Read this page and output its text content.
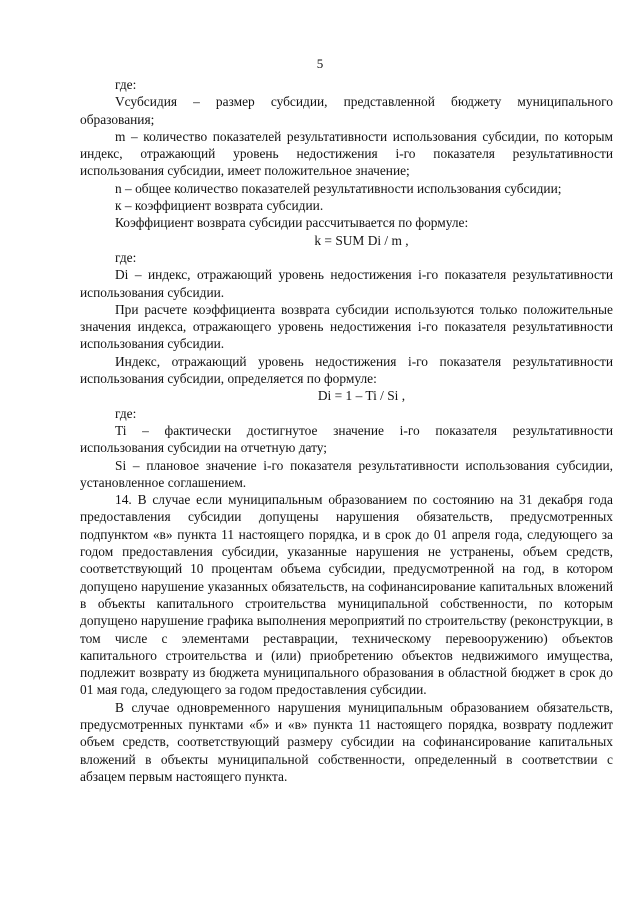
5

где:

Vсубсидия – размер субсидии, представленной бюджету муниципального образования;

m – количество показателей результативности использования субсидии, по которым индекс, отражающий уровень недостижения i-го показателя результативности использования субсидии, имеет положительное значение;

n – общее количество показателей результативности использования субсидии;

к – коэффициент возврата субсидии.

Коэффициент возврата субсидии рассчитывается по формуле:

k = SUM Di / m ,

где:

Di – индекс, отражающий уровень недостижения i-го показателя результативности использования субсидии.

При расчете коэффициента возврата субсидии используются только положительные значения индекса, отражающего уровень недостижения i-го показателя результативности использования субсидии.

Индекс, отражающий уровень недостижения i-го показателя результативности использования субсидии, определяется по формуле:

Di = 1 – Ti / Si ,

где:

Ti – фактически достигнутое значение i-го показателя результативности использования субсидии на отчетную дату;

Si – плановое значение i-го показателя результативности использования субсидии, установленное соглашением.

14. В случае если муниципальным образованием по состоянию на 31 декабря года предоставления субсидии допущены нарушения обязательств, предусмотренных подпунктом «в» пункта 11 настоящего порядка, и в срок до 01 апреля года, следующего за годом предоставления субсидии, указанные нарушения не устранены, объем средств, соответствующий 10 процентам объема субсидии, предусмотренной на год, в котором допущено нарушение указанных обязательств, на софинансирование капитальных вложений в объекты капитального строительства муниципальной собственности, по которым допущено нарушение графика выполнения мероприятий по строительству (реконструкции, в том числе с элементами реставрации, техническому перевооружению) объектов капитального строительства и (или) приобретению объектов недвижимого имущества, подлежит возврату из бюджета муниципального образования в областной бюджет в срок до 01 мая года, следующего за годом предоставления субсидии.

В случае одновременного нарушения муниципальным образованием обязательств, предусмотренных пунктами «б» и «в» пункта 11 настоящего порядка, возврату подлежит объем средств, соответствующий размеру субсидии на софинансирование капитальных вложений в объекты муниципальной собственности, определенный в соответствии с абзацем первым настоящего пункта.
